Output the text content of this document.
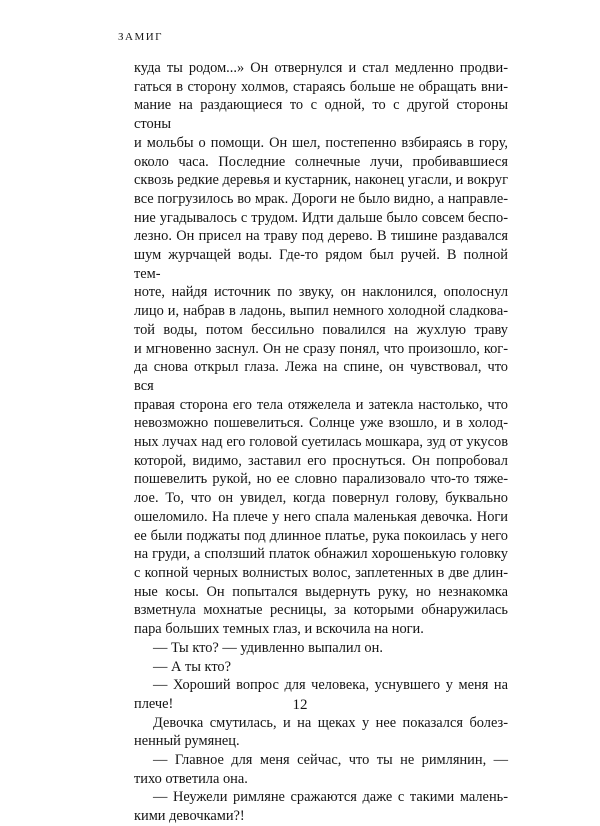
ЗАМИГ
куда ты родом...» Он отвернулся и стал медленно продви-
гаться в сторону холмов, стараясь больше не обращать вни-
мание на раздающиеся то с одной, то с другой стороны стоны
и мольбы о помощи. Он шел, постепенно взбираясь в гору,
около часа. Последние солнечные лучи, пробивавшиеся
сквозь редкие деревья и кустарник, наконец угасли, и вокруг
все погрузилось во мрак. Дороги не было видно, а направле-
ние угадывалось с трудом. Идти дальше было совсем беспо-
лезно. Он присел на траву под дерево. В тишине раздавался
шум журчащей воды. Где-то рядом был ручей. В полной тем-
ноте, найдя источник по звуку, он наклонился, ополоснул
лицо и, набрав в ладонь, выпил немного холодной сладковa-
той воды, потом бессильно повалился на жухлую траву
и мгновенно заснул. Он не сразу понял, что произошло, ког-
да снова открыл глаза. Лежа на спине, он чувствовал, что вся
правая сторона его тела отяжелела и затекла настолько, что
невозможно пошевелиться. Солнце уже взошло, и в холод-
ных лучах над его головой суетилась мошкара, зуд от укусов
которой, видимо, заставил его проснуться. Он попробовал
пошевелить рукой, но ее словно парализовало что-то тяже-
лое. То, что он увидел, когда повернул голову, буквально
ошеломило. На плече у него спала маленькая девочка. Ноги
ее были поджаты под длинное платье, рука покоилась у него
на груди, а сползший платок обнажил хорошенькую головку
с копной черных волнистых волос, заплетенных в две длин-
ные косы. Он попытался выдернуть руку, но незнакомка
взметнула мохнатые ресницы, за которыми обнаружилась
пара больших темных глаз, и вскочила на ноги.
— Ты кто? — удивленно выпалил он.
— А ты кто?
— Хороший вопрос для человека, уснувшего у меня на
плече!
Девочка смутилась, и на щеках у нее показался болез-
ненный румянец.
— Главное для меня сейчас, что ты не римлянин, —
тихо ответила она.
— Неужели римляне сражаются даже с такими малень-
кими девочками?!
12
